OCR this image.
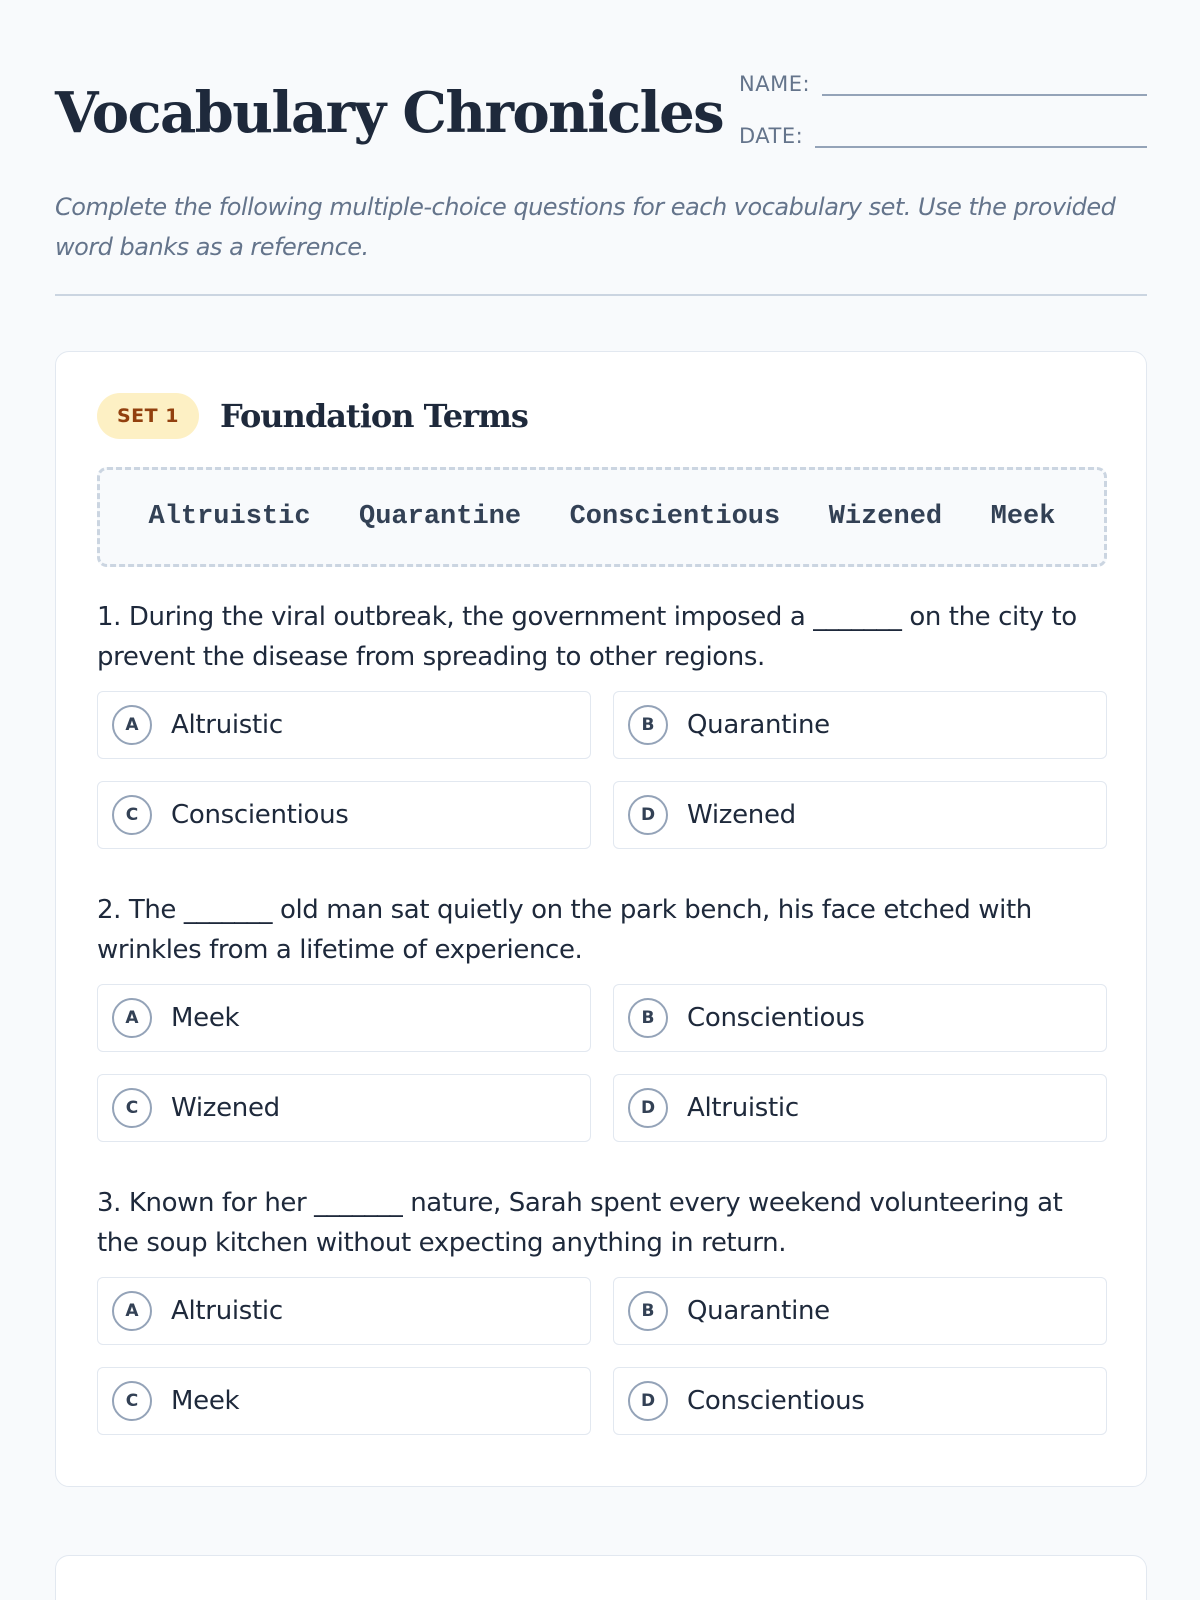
Vocabulary Chronicles NAME:
DATE:
Complete the following multiple-choice questions for each vocabulary set. Use the provided word banks as a reference.
SET 1	Foundation Terms
Altruistic Quarantine Conscientious Wizened Meek
1. During the viral outbreak, the government imposed a _______ on the city to prevent the disease from spreading to other regions.
A	Altruistic	B	Quarantine
C	Conscientious	D	Wizened
2. The _______ old man sat quietly on the park bench, his face etched with wrinkles from a lifetime of experience.
A	Meek	B	Conscientious
C	Wizened	D	Altruistic
3. Known for her _______ nature, Sarah spent every weekend volunteering at the soup kitchen without expecting anything in return.
A	Altruistic	B	Quarantine
C	Meek	D	Conscientious
